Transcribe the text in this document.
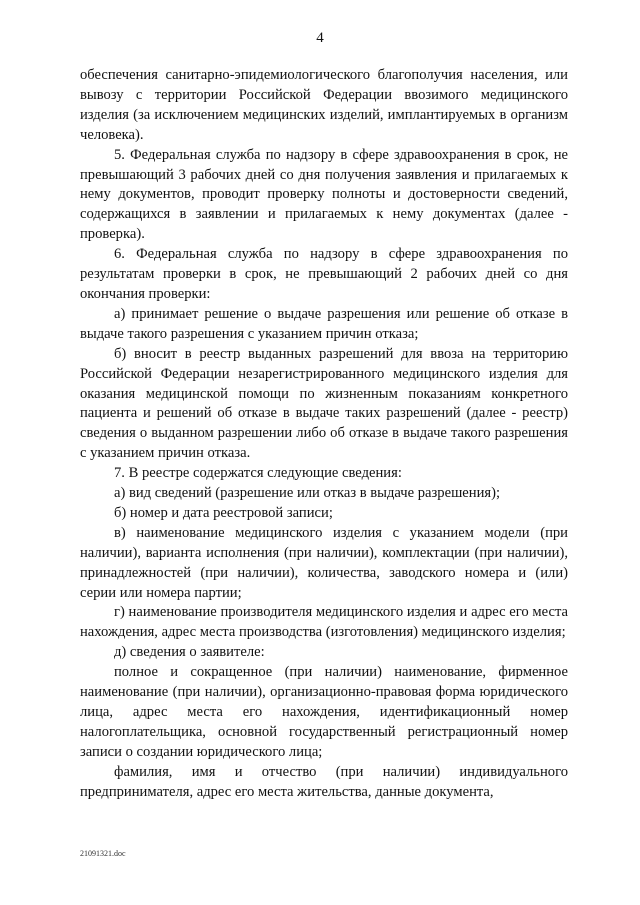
4

обеспечения санитарно-эпидемиологического благополучия населения, или вывозу с территории Российской Федерации ввозимого медицинского изделия (за исключением медицинских изделий, имплантируемых в организм человека).

5. Федеральная служба по надзору в сфере здравоохранения в срок, не превышающий 3 рабочих дней со дня получения заявления и прилагаемых к нему документов, проводит проверку полноты и достоверности сведений, содержащихся в заявлении и прилагаемых к нему документах (далее - проверка).

6. Федеральная служба по надзору в сфере здравоохранения по результатам проверки в срок, не превышающий 2 рабочих дней со дня окончания проверки:

а) принимает решение о выдаче разрешения или решение об отказе в выдаче такого разрешения с указанием причин отказа;

б) вносит в реестр выданных разрешений для ввоза на территорию Российской Федерации незарегистрированного медицинского изделия для оказания медицинской помощи по жизненным показаниям конкретного пациента и решений об отказе в выдаче таких разрешений (далее - реестр) сведения о выданном разрешении либо об отказе в выдаче такого разрешения с указанием причин отказа.

7. В реестре содержатся следующие сведения:

а) вид сведений (разрешение или отказ в выдаче разрешения);

б) номер и дата реестровой записи;

в) наименование медицинского изделия с указанием модели (при наличии), варианта исполнения (при наличии), комплектации (при наличии), принадлежностей (при наличии), количества, заводского номера и (или) серии или номера партии;

г) наименование производителя медицинского изделия и адрес его места нахождения, адрес места производства (изготовления) медицинского изделия;

д) сведения о заявителе:

полное и сокращенное (при наличии) наименование, фирменное наименование (при наличии), организационно-правовая форма юридического лица, адрес места его нахождения, идентификационный номер налогоплательщика, основной государственный регистрационный номер записи о создании юридического лица;

фамилия, имя и отчество (при наличии) индивидуального предпринимателя, адрес его места жительства, данные документа,

21091321.doc
